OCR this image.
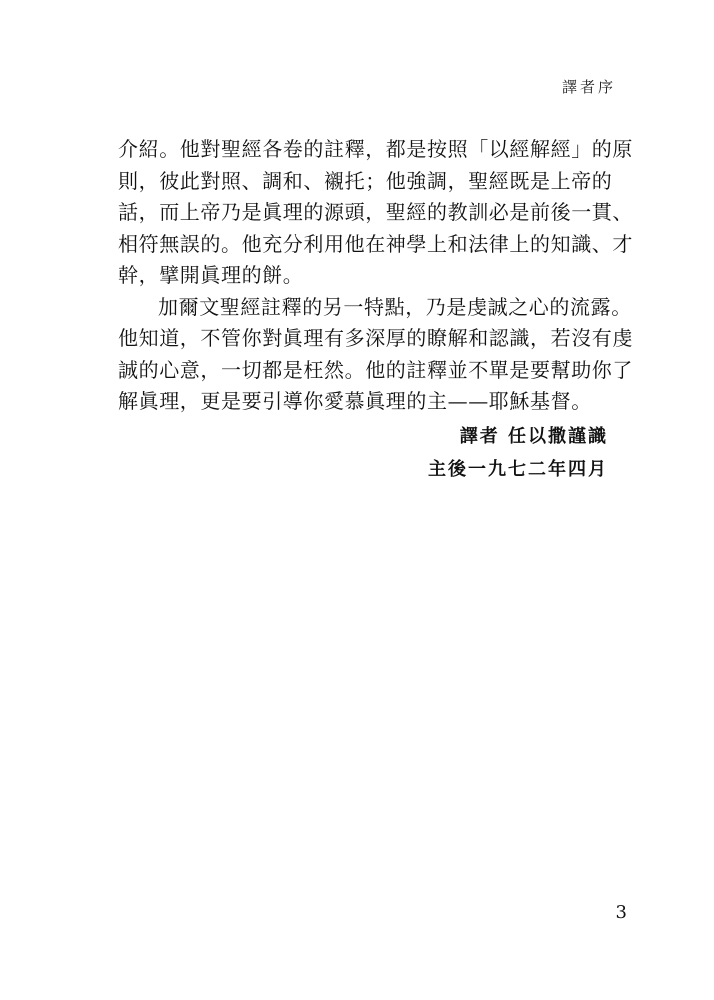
譯者序
介紹。他對聖經各卷的註釋，都是按照「以經解經」的原
則，彼此對照、調和、襯托；他強調，聖經既是上帝的
話，而上帝乃是眞理的源頭，聖經的教訓必是前後一貫、
相符無誤的。他充分利用他在神學上和法律上的知識、才
幹，擘開眞理的餅。
加爾文聖經註釋的另一特點，乃是虔誠之心的流露。
他知道，不管你對眞理有多深厚的瞭解和認識，若沒有虔
誠的心意，一切都是枉然。他的註釋並不單是要幫助你了
解眞理，更是要引導你愛慕眞理的主——耶穌基督。
譯者 任以撒謹識
主後一九七二年四月
3
